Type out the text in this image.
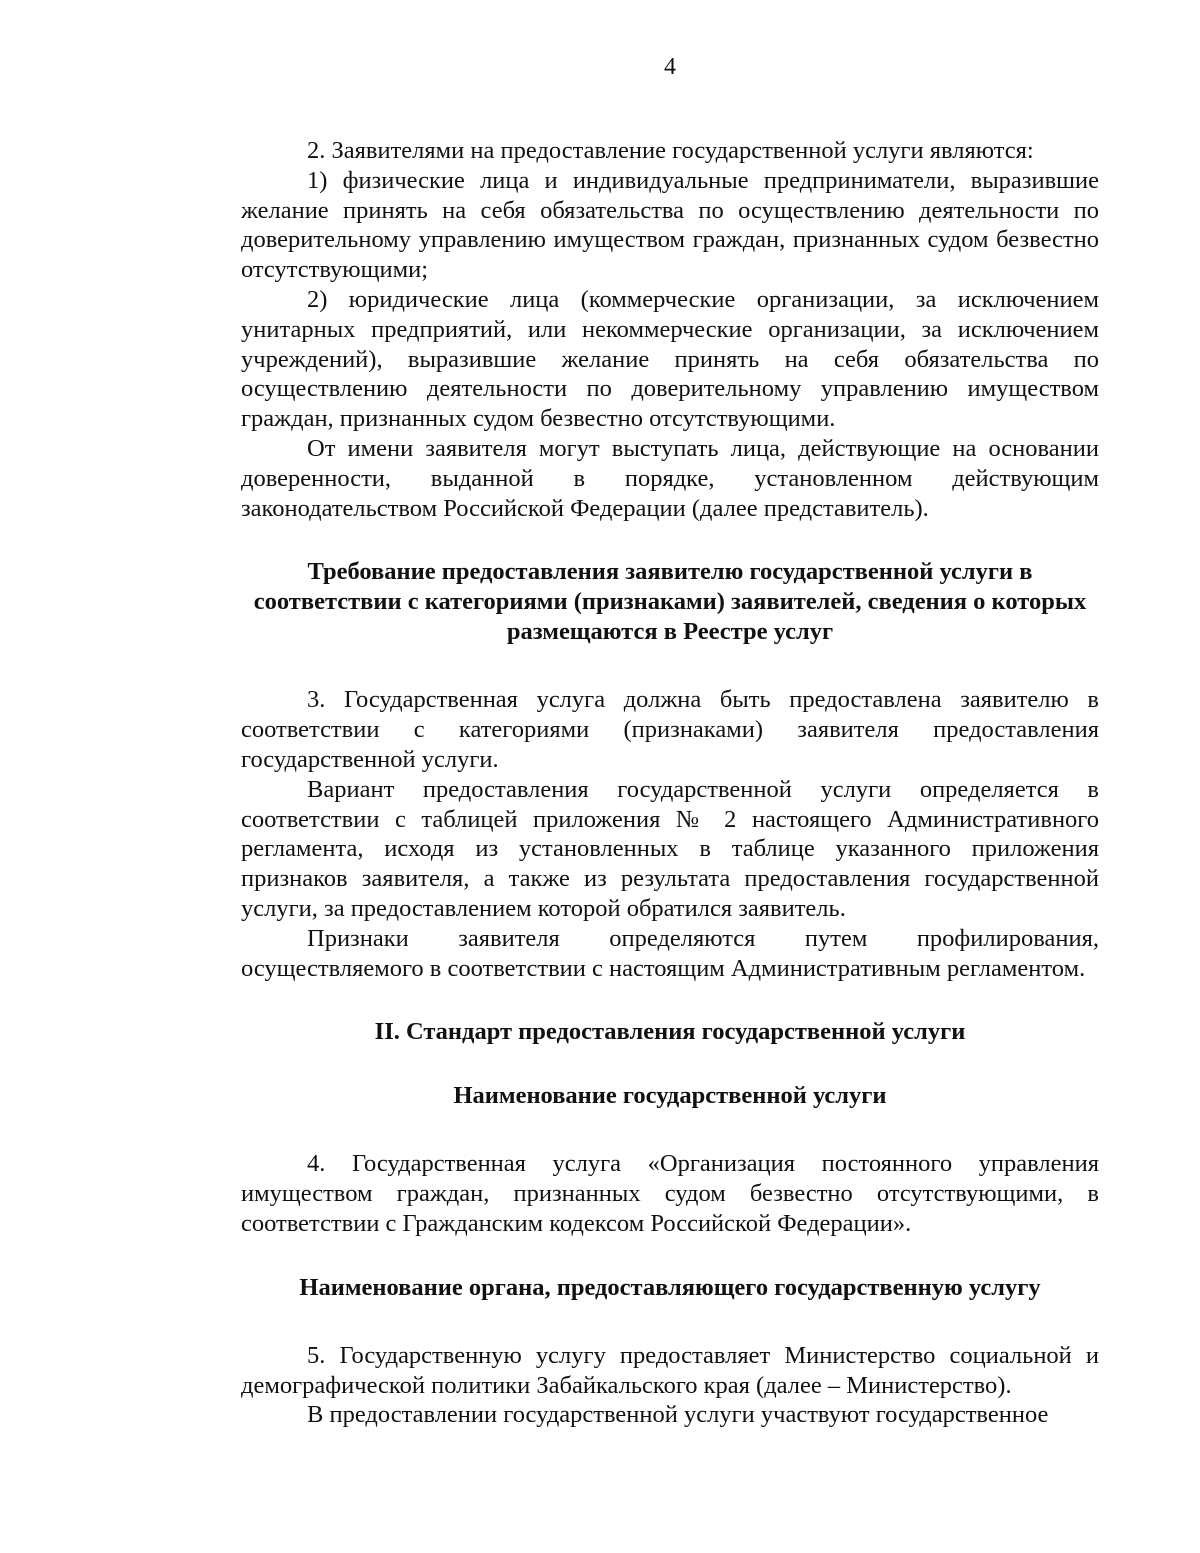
4

2. Заявителями на предоставление государственной услуги являются:

1) физические лица и индивидуальные предприниматели, выразившие желание принять на себя обязательства по осуществлению деятельности по доверительному управлению имуществом граждан, признанных судом безвестно отсутствующими;

2) юридические лица (коммерческие организации, за исключением унитарных предприятий, или некоммерческие организации, за исключением учреждений), выразившие желание принять на себя обязательства по осуществлению деятельности по доверительному управлению имуществом граждан, признанных судом безвестно отсутствующими.

От имени заявителя могут выступать лица, действующие на основании доверенности, выданной в порядке, установленном действующим законодательством Российской Федерации (далее представитель).

Требование предоставления заявителю государственной услуги в соответствии с категориями (признаками) заявителей, сведения о которых размещаются в Реестре услуг

3. Государственная услуга должна быть предоставлена заявителю в соответствии с категориями (признаками) заявителя предоставления государственной услуги.

Вариант предоставления государственной услуги определяется в соответствии с таблицей приложения № 2 настоящего Административного регламента, исходя из установленных в таблице указанного приложения признаков заявителя, а также из результата предоставления государственной услуги, за предоставлением которой обратился заявитель.

Признаки заявителя определяются путем профилирования, осуществляемого в соответствии с настоящим Административным регламентом.

II. Стандарт предоставления государственной услуги
Наименование государственной услуги

4. Государственная услуга «Организация постоянного управления имуществом граждан, признанных судом безвестно отсутствующими, в соответствии с Гражданским кодексом Российской Федерации».

Наименование органа, предоставляющего государственную услугу

5. Государственную услугу предоставляет Министерство социальной и демографической политики Забайкальского края (далее – Министерство).

В предоставлении государственной услуги участвуют государственное
